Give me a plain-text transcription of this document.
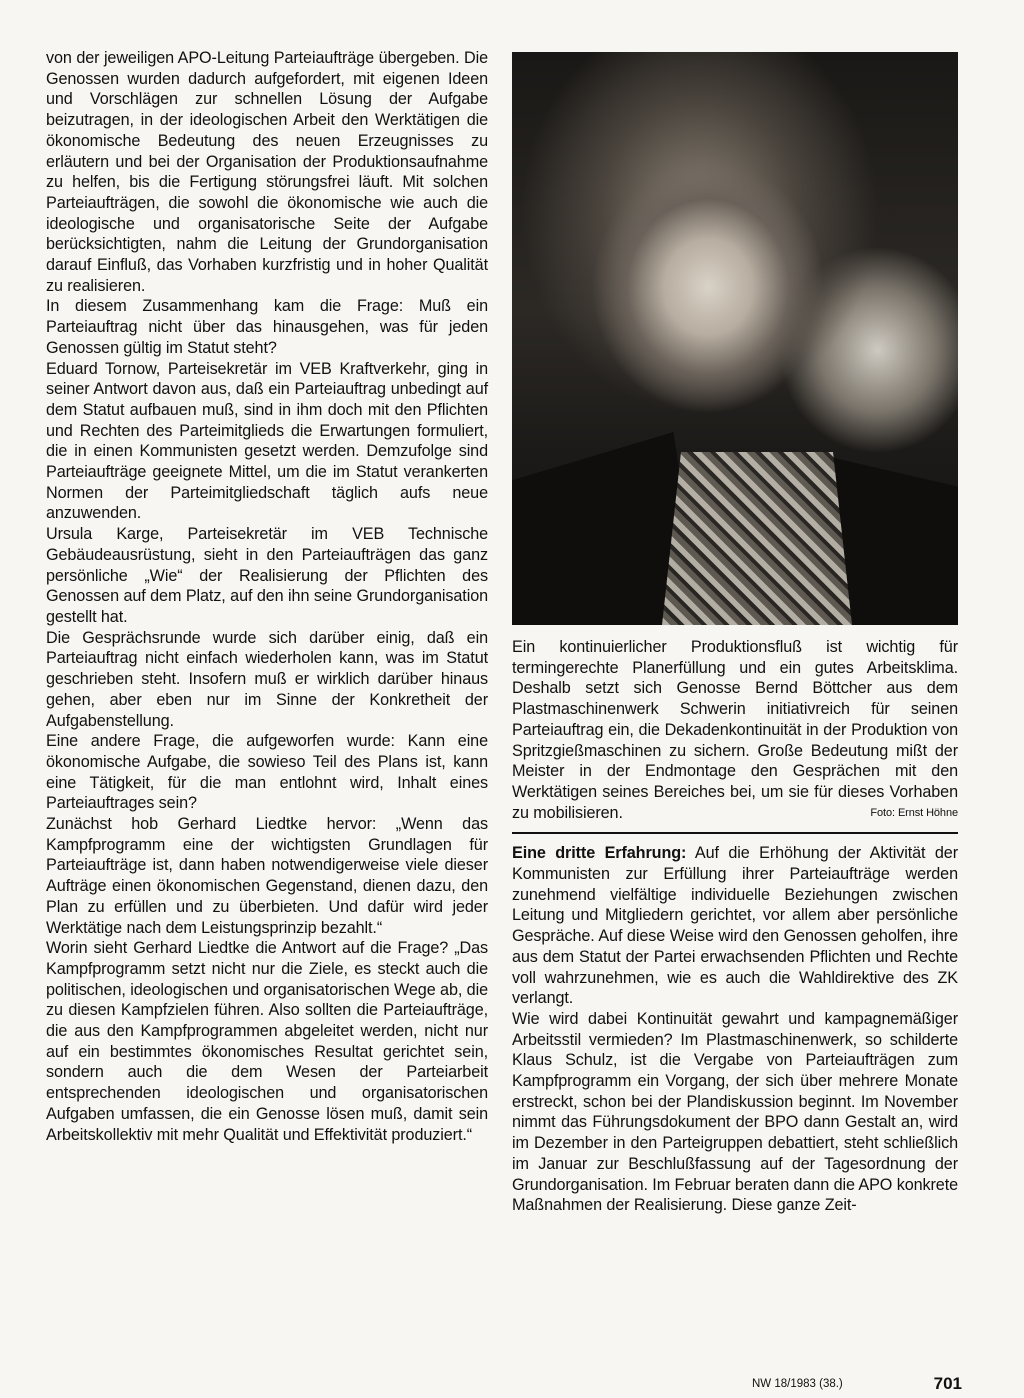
von der jeweiligen APO-Leitung Parteiaufträge übergeben. Die Genossen wurden dadurch aufgefordert, mit eigenen Ideen und Vorschlägen zur schnellen Lösung der Aufgabe beizutragen, in der ideologischen Arbeit den Werktätigen die ökonomische Bedeutung des neuen Erzeugnisses zu erläutern und bei der Organisation der Produktionsaufnahme zu helfen, bis die Fertigung störungsfrei läuft. Mit solchen Parteiaufträgen, die sowohl die ökonomische wie auch die ideologische und organisatorische Seite der Aufgabe berücksichtigten, nahm die Leitung der Grundorganisation darauf Einfluß, das Vorhaben kurzfristig und in hoher Qualität zu realisieren.

In diesem Zusammenhang kam die Frage: Muß ein Parteiauftrag nicht über das hinausgehen, was für jeden Genossen gültig im Statut steht?

Eduard Tornow, Parteisekretär im VEB Kraftverkehr, ging in seiner Antwort davon aus, daß ein Parteiauftrag unbedingt auf dem Statut aufbauen muß, sind in ihm doch mit den Pflichten und Rechten des Parteimitglieds die Erwartungen formuliert, die in einen Kommunisten gesetzt werden. Demzufolge sind Parteiaufträge geeignete Mittel, um die im Statut verankerten Normen der Parteimitgliedschaft täglich aufs neue anzuwenden.

Ursula Karge, Parteisekretär im VEB Technische Gebäudeausrüstung, sieht in den Parteiaufträgen das ganz persönliche „Wie“ der Realisierung der Pflichten des Genossen auf dem Platz, auf den ihn seine Grundorganisation gestellt hat.

Die Gesprächsrunde wurde sich darüber einig, daß ein Parteiauftrag nicht einfach wiederholen kann, was im Statut geschrieben steht. Insofern muß er wirklich darüber hinaus gehen, aber eben nur im Sinne der Konkretheit der Aufgabenstellung.

Eine andere Frage, die aufgeworfen wurde: Kann eine ökonomische Aufgabe, die sowieso Teil des Plans ist, kann eine Tätigkeit, für die man entlohnt wird, Inhalt eines Parteiauftrages sein?

Zunächst hob Gerhard Liedtke hervor: „Wenn das Kampfprogramm eine der wichtigsten Grundlagen für Parteiaufträge ist, dann haben notwendigerweise viele dieser Aufträge einen ökonomischen Gegenstand, dienen dazu, den Plan zu erfüllen und zu überbieten. Und dafür wird jeder Werktätige nach dem Leistungsprinzip bezahlt.“

Worin sieht Gerhard Liedtke die Antwort auf die Frage? „Das Kampfprogramm setzt nicht nur die Ziele, es steckt auch die politischen, ideologischen und organisatorischen Wege ab, die zu diesen Kampfzielen führen. Also sollten die Parteiaufträge, die aus den Kampfprogrammen abgeleitet werden, nicht nur auf ein bestimmtes ökonomisches Resultat gerichtet sein, sondern auch die dem Wesen der Parteiarbeit entsprechenden ideologischen und organisatorischen Aufgaben umfassen, die ein Genosse lösen muß, damit sein Arbeitskollektiv mit mehr Qualität und Effektivität produziert.“

Ein kontinuierlicher Produktionsfluß ist wichtig für termingerechte Planerfüllung und ein gutes Arbeitsklima. Deshalb setzt sich Genosse Bernd Böttcher aus dem Plastmaschinenwerk Schwerin initiativreich für seinen Parteiauftrag ein, die Dekadenkontinuität in der Produktion von Spritzgießmaschinen zu sichern. Große Bedeutung mißt der Meister in der Endmontage den Gesprächen mit den Werktätigen seines Bereiches bei, um sie für dieses Vorhaben zu mobilisieren.	Foto: Ernst Höhne

Eine dritte Erfahrung: Auf die Erhöhung der Aktivität der Kommunisten zur Erfüllung ihrer Parteiaufträge werden zunehmend vielfältige individuelle Beziehungen zwischen Leitung und Mitgliedern gerichtet, vor allem aber persönliche Gespräche. Auf diese Weise wird den Genossen geholfen, ihre aus dem Statut der Partei erwachsenden Pflichten und Rechte voll wahrzunehmen, wie es auch die Wahldirektive des ZK verlangt.

Wie wird dabei Kontinuität gewahrt und kampagnemäßiger Arbeitsstil vermieden? Im Plastmaschinenwerk, so schilderte Klaus Schulz, ist die Vergabe von Parteiaufträgen zum Kampfprogramm ein Vorgang, der sich über mehrere Monate erstreckt, schon bei der Plandiskussion beginnt. Im November nimmt das Führungsdokument der BPO dann Gestalt an, wird im Dezember in den Parteigruppen debattiert, steht schließlich im Januar zur Beschlußfassung auf der Tagesordnung der Grundorganisation. Im Februar beraten dann die APO konkrete Maßnahmen der Realisierung. Diese ganze Zeit-

NW 18/1983 (38.)	701
